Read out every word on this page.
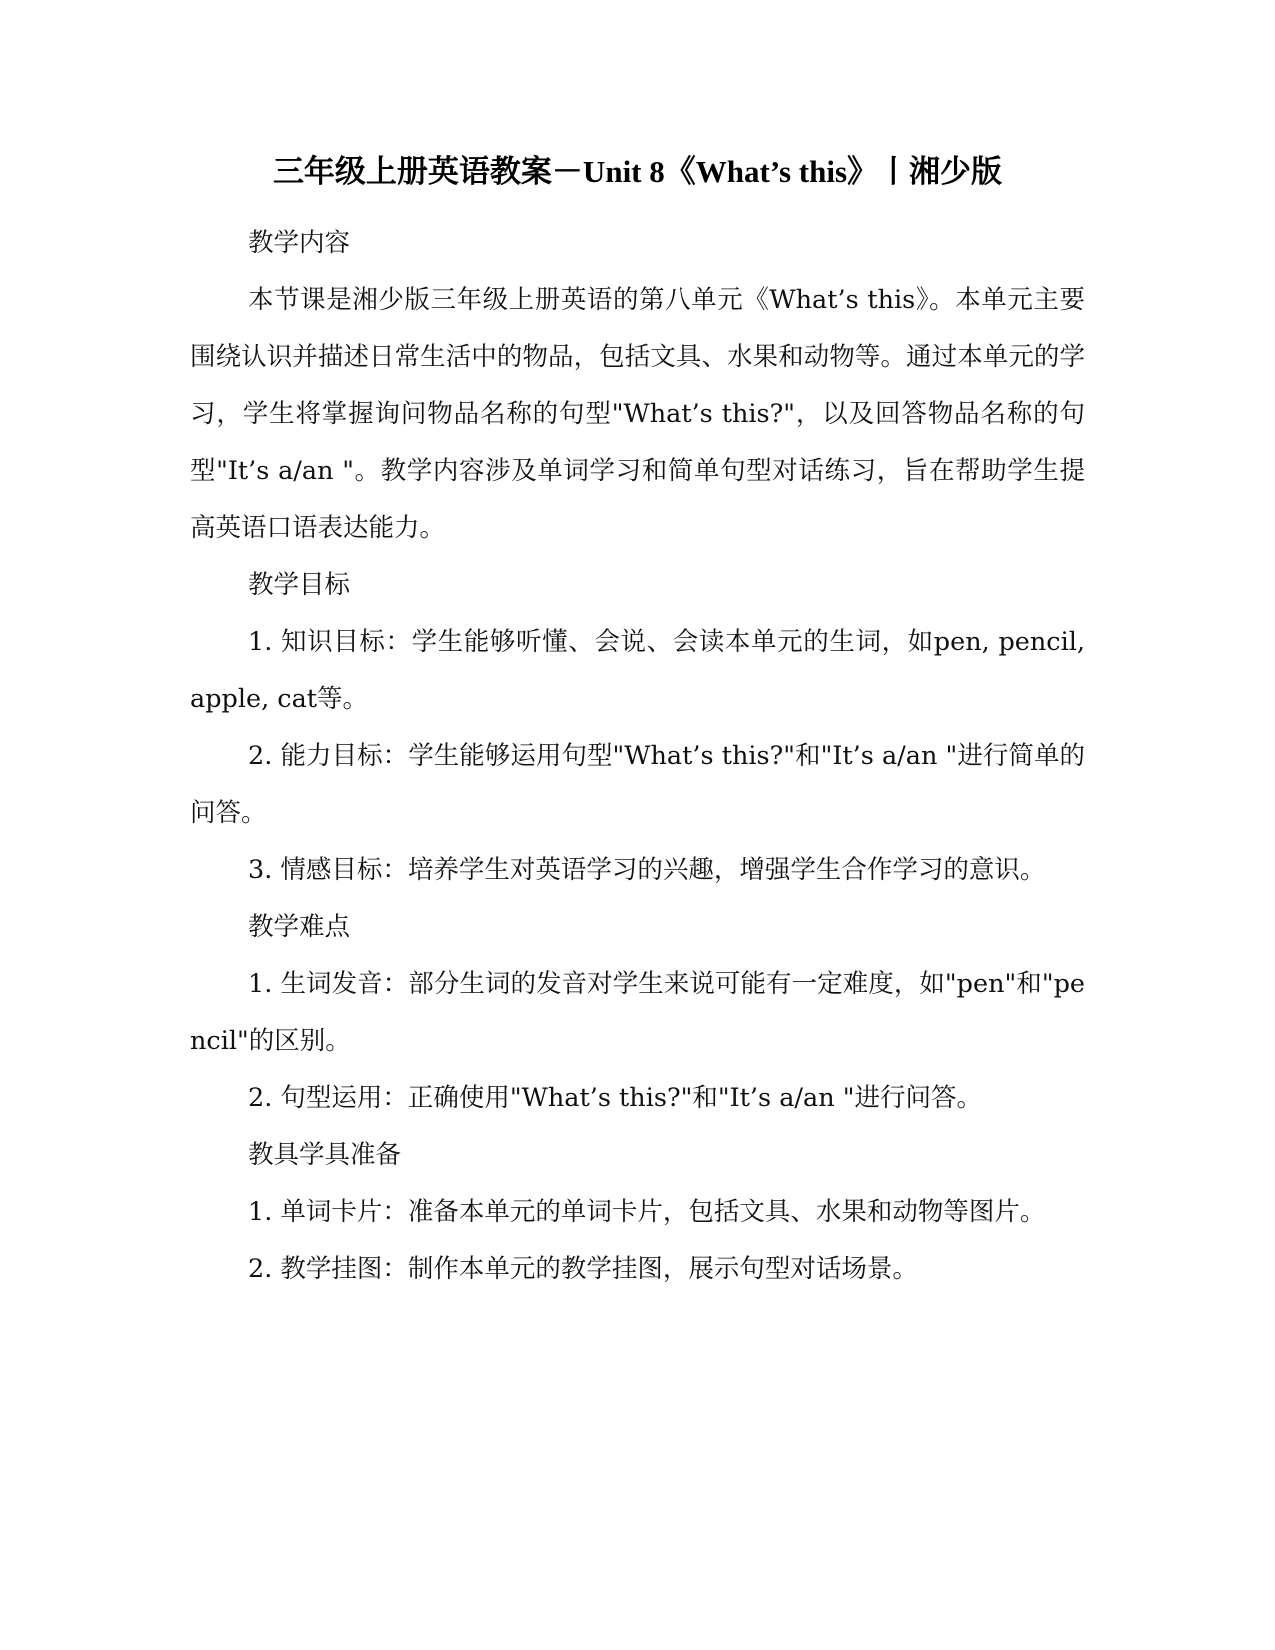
三年级上册英语教案－Unit 8《What’s this》丨湘少版
教学内容

本节课是湘少版三年级上册英语的第八单元《What’s this》。本单元主要围绕认识并描述日常生活中的物品，包括文具、水果和动物等。通过本单元的学习，学生将掌握询问物品名称的句型"What’s this?"，以及回答物品名称的句型"It’s a/an "。教学内容涉及单词学习和简单句型对话练习，旨在帮助学生提高英语口语表达能力。

教学目标

1. 知识目标：学生能够听懂、会说、会读本单元的生词，如pen, pencil, apple, cat等。

2. 能力目标：学生能够运用句型"What’s this?"和"It’s a/an "进行简单的问答。

3. 情感目标：培养学生对英语学习的兴趣，增强学生合作学习的意识。

教学难点

1. 生词发音：部分生词的发音对学生来说可能有一定难度，如"pen"和"pencil"的区别。

2. 句型运用：正确使用"What’s this?"和"It’s a/an "进行问答。

教具学具准备

1. 单词卡片：准备本单元的单词卡片，包括文具、水果和动物等图片。

2. 教学挂图：制作本单元的教学挂图，展示句型对话场景。
